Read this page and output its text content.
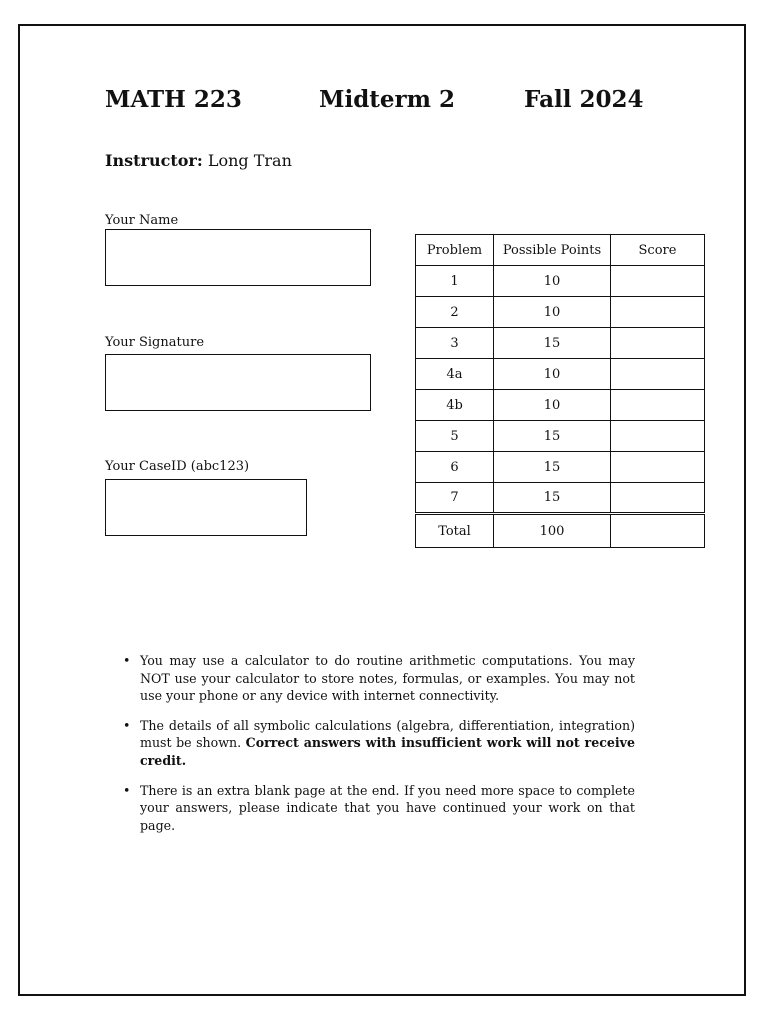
MATH 223	Midterm 2	Fall 2024
Instructor: Long Tran
Your Name
Your Signature
Your CaseID (abc123)
Problem	Possible Points	Score
1	10	
2	10	
3	15	
4a	10	
4b	10	
5	15	
6	15	
7	15	
Total	100	
• You may use a calculator to do routine arithmetic computations. You may NOT use your calculator to store notes, formulas, or examples. You may not use your phone or any device with internet connectivity.
• The details of all symbolic calculations (algebra, differentiation, integration) must be shown. Correct answers with insufficient work will not receive credit.
• There is an extra blank page at the end. If you need more space to complete your answers, please indicate that you have continued your work on that page.
